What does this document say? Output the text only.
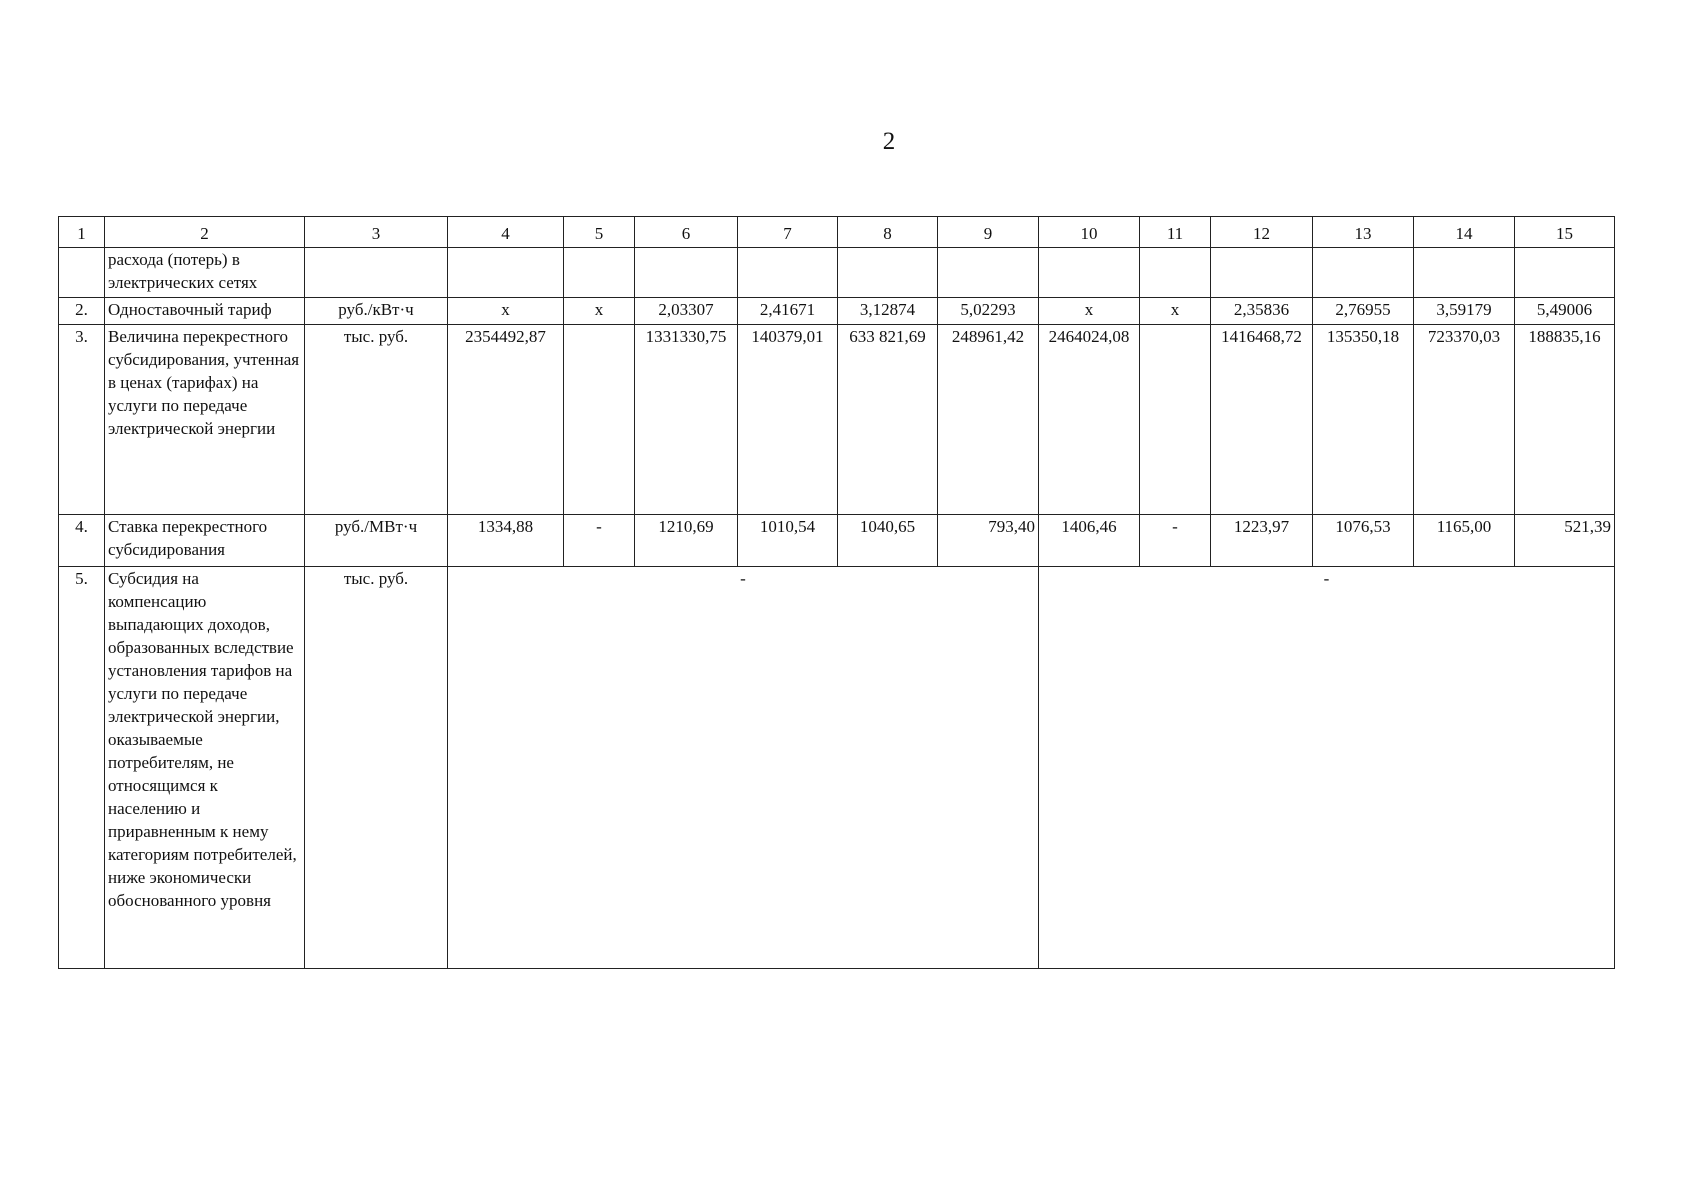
2
1	2	3	4	5	6	7	8	9	10	11	12	13	14	15
	расхода (потерь) в электрических сетях													
2.	Одноставочный тариф	руб./кВт·ч	х	х	2,03307	2,41671	3,12874	5,02293	х	х	2,35836	2,76955	3,59179	5,49006
3.	Величина перекрестного субсидирования, учтенная в ценах (тарифах) на услуги по передаче электрической энергии	тыс. руб.	2354492,87		1331330,75	140379,01	633 821,69	248961,42	2464024,08		1416468,72	135350,18	723370,03	188835,16
4.	Ставка перекрестного субсидирования	руб./МВт·ч	1334,88	-	1210,69	1010,54	1040,65	793,40	1406,46	-	1223,97	1076,53	1165,00	521,39
5.	Субсидия на компенсацию выпадающих доходов, образованных вследствие установления тарифов на услуги по передаче электрической энергии, оказываемые потребителям, не относящимся к населению и приравненным к нему категориям потребителей, ниже экономически обоснованного уровня	тыс. руб.	-						-					
